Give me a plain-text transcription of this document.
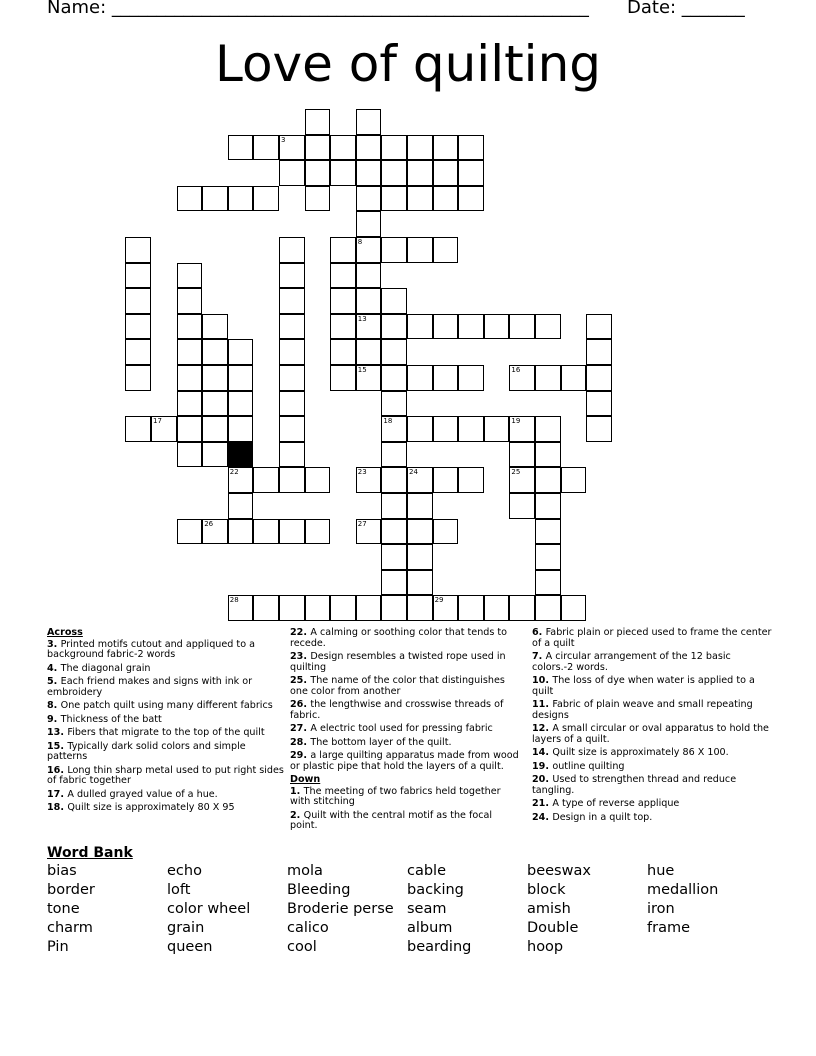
Name: _____________________________________________________ Date: _______
Love of quilting
8
3
13
18
22
15	16
17	19
25
23	24
26	27
28	29
Across
3. Printed motifs cutout and appliqued to a background fabric-2 words
4. The diagonal grain
5. Each friend makes and signs with ink or embroidery
8. One patch quilt using many different fabrics
9. Thickness of the batt
13. Fibers that migrate to the top of the quilt
15. Typically dark solid colors and simple patterns
16. Long thin sharp metal used to put right sides of fabric together
17. A dulled grayed value of a hue.
18. Quilt size is approximately 80 X 95
22. A calming or soothing color that tends to recede.
23. Design resembles a twisted rope used in quilting
25. The name of the color that distinguishes one color from another
26. the lengthwise and crosswise threads of fabric.
27. A electric tool used for pressing fabric
28. The bottom layer of the quilt.
29. a large quilting apparatus made from wood or plastic pipe that hold the layers of a quilt.
Down
1. The meeting of two fabrics held together with stitching
2. Quilt with the central motif as the focal point.
6. Fabric plain or pieced used to frame the center of a quilt
7. A circular arrangement of the 12 basic colors.-2 words.
10. The loss of dye when water is applied to a quilt
11. Fabric of plain weave and small repeating designs
12. A small circular or oval apparatus to hold the layers of a quilt.
14. Quilt size is approximately 86 X 100.
19. outline quilting
20. Used to strengthen thread and reduce tangling.
21. A type of reverse applique
24. Design in a quilt top.
Word Bank
bias
border
tone
charm
Pin
echo
loft
color wheel
grain
queen
mola
Bleeding
Broderie perse
calico
cool
cable
backing
seam
album
bearding
beeswax
block
amish
Double
hoop
hue
medallion
iron
frame
